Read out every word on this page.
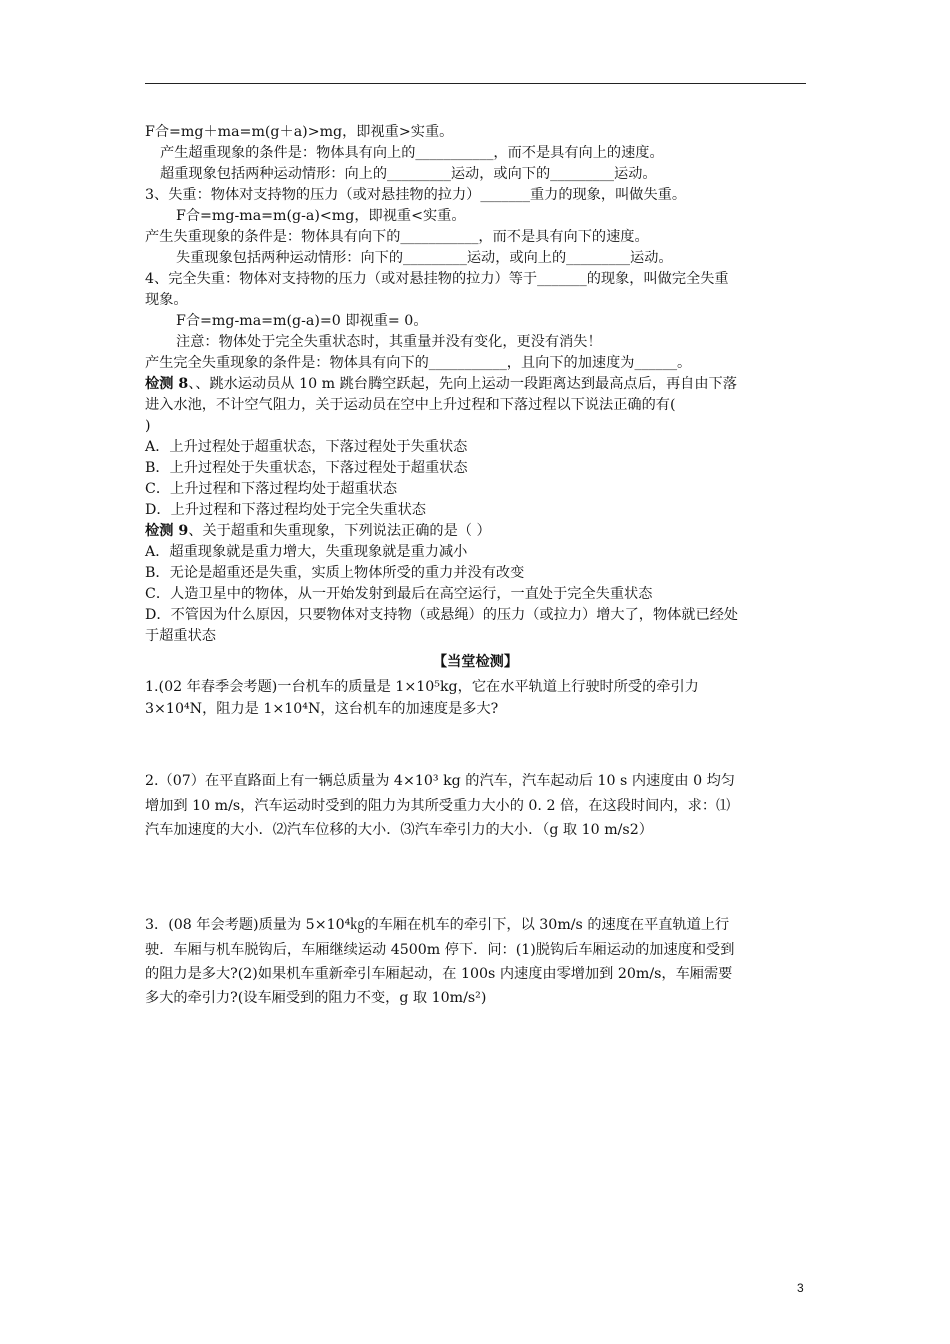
F合=mg＋ma=m(g＋a)>mg，即视重>实重。
产生超重现象的条件是：物体具有向上的___________，而不是具有向上的速度。
超重现象包括两种运动情形：向上的_________运动，或向下的_________运动。
3、失重：物体对支持物的压力（或对悬挂物的拉力）_______重力的现象，叫做失重。
F合=mg-ma=m(g-a)<mg，即视重<实重。
产生失重现象的条件是：物体具有向下的___________，而不是具有向下的速度。
失重现象包括两种运动情形：向下的_________运动，或向上的_________运动。
4、完全失重：物体对支持物的压力（或对悬挂物的拉力）等于_______的现象，叫做完全失重
现象。
F合=mg-ma=m(g-a)=0 即视重= 0。
注意：物体处于完全失重状态时，其重量并没有变化，更没有消失！
产生完全失重现象的条件是：物体具有向下的___________，且向下的加速度为______。
检测 8、、跳水运动员从 10 m 跳台腾空跃起，先向上运动一段距离达到最高点后，再自由下落
进入水池，不计空气阻力，关于运动员在空中上升过程和下落过程以下说法正确的有(
)
A．上升过程处于超重状态，下落过程处于失重状态
B．上升过程处于失重状态，下落过程处于超重状态
C．上升过程和下落过程均处于超重状态
D．上升过程和下落过程均处于完全失重状态
检测 9、关于超重和失重现象，下列说法正确的是（ ）
A．超重现象就是重力增大，失重现象就是重力减小
B．无论是超重还是失重，实质上物体所受的重力并没有改变
C．人造卫星中的物体，从一开始发射到最后在高空运行，一直处于完全失重状态
D．不管因为什么原因，只要物体对支持物（或悬绳）的压力（或拉力）增大了，物体就已经处
于超重状态
【当堂检测】
1.(02 年春季会考题)一台机车的质量是 1×10⁵kg，它在水平轨道上行驶时所受的牵引力
3×10⁴N，阻力是 1×10⁴N，这台机车的加速度是多大?
2.（07）在平直路面上有一辆总质量为 4×10³ kg 的汽车，汽车起动后 10 s 内速度由 0 均匀
增加到 10 m/s，汽车运动时受到的阻力为其所受重力大小的 0. 2 倍，在这段时间内，求：⑴
汽车加速度的大小．⑵汽车位移的大小．⑶汽车牵引力的大小．（g 取 10 m/s2）
3．(08 年会考题)质量为 5×10⁴㎏的车厢在机车的牵引下，以 30m/s 的速度在平直轨道上行
驶．车厢与机车脱钩后，车厢继续运动 4500m 停下．问：(1)脱钩后车厢运动的加速度和受到
的阻力是多大?(2)如果机车重新牵引车厢起动，在 100s 内速度由零增加到 20m/s，车厢需要
多大的牵引力?(设车厢受到的阻力不变，g 取 10m/s²)
3
